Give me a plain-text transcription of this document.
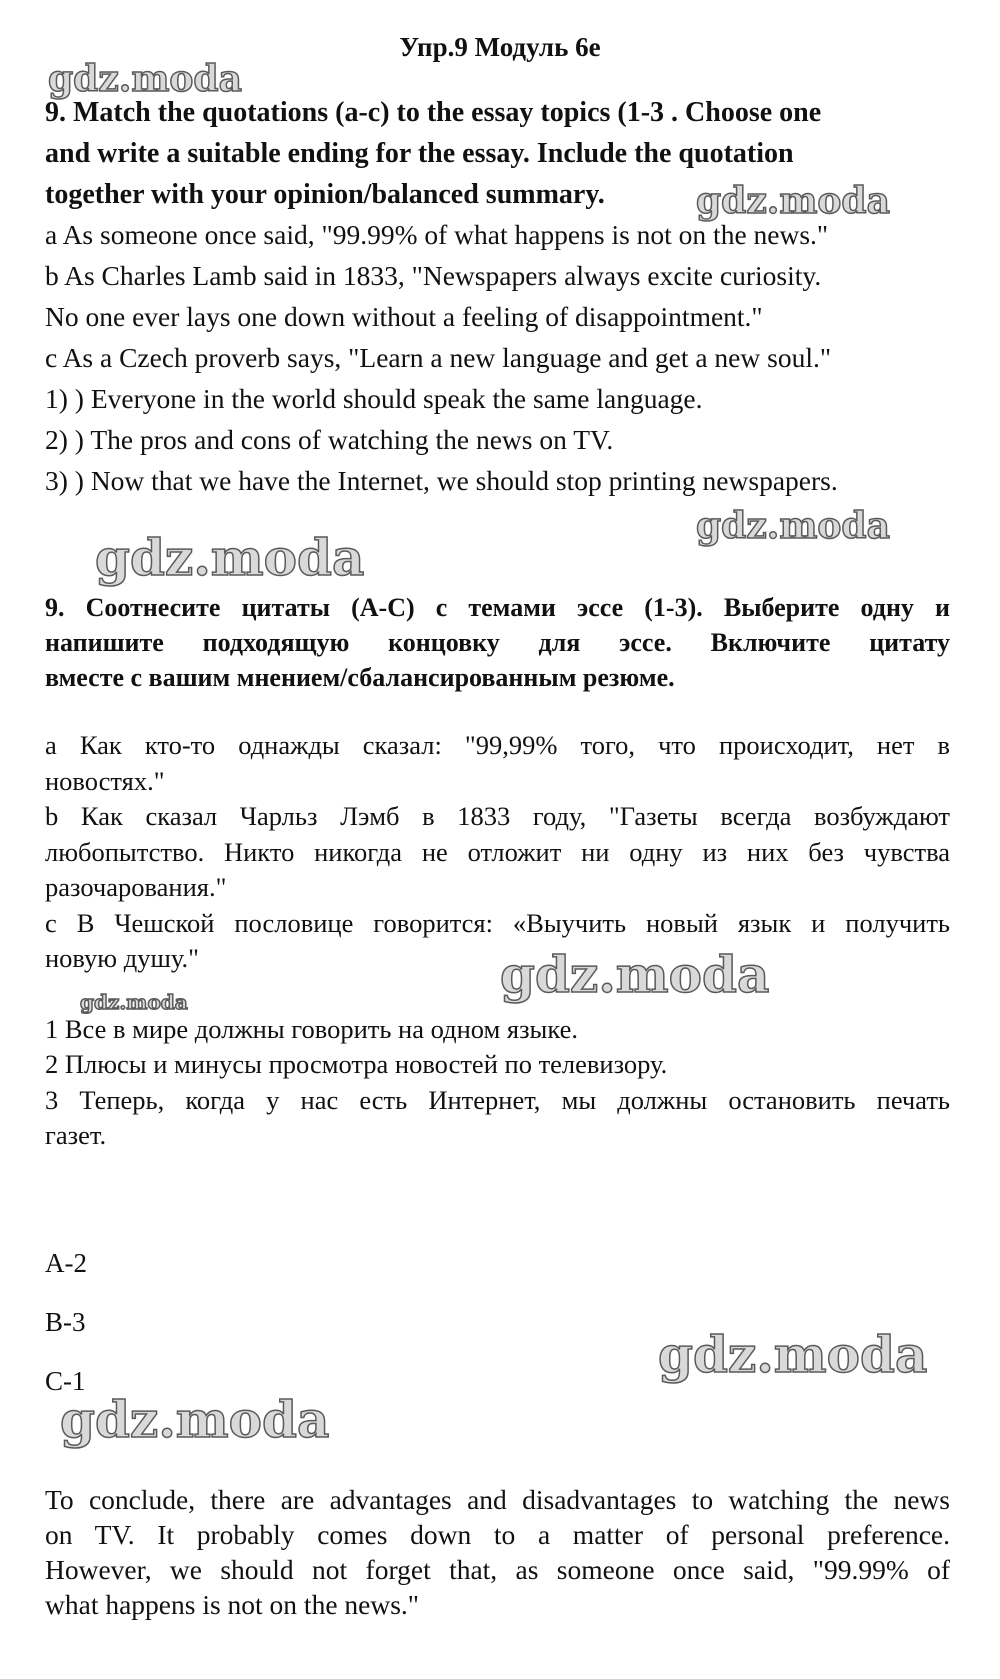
Упр.9 Модуль 6е
9. Match the quotations (a-c) to the essay topics (1-3 . Choose one
and write a suitable ending for the essay. Include the quotation
together with your opinion/balanced summary.
a As someone once said, "99.99% of what happens is not on the news."
b As Charles Lamb said in 1833, "Newspapers always excite curiosity.
No one ever lays one down without a feeling of disappointment."
c As a Czech proverb says, "Learn a new language and get a new soul."
1) ) Everyone in the world should speak the same language.
2) ) The pros and cons of watching the news on TV.
3) ) Now that we have the Internet, we should stop printing newspapers.
9. Соотнесите цитаты (A-C) с темами эссе (1-3). Выберите одну и
напишите подходящую концовку для эссе. Включите цитату
вместе с вашим мнением/сбалансированным резюме.
a Как кто-то однажды сказал: "99,99% того, что происходит, нет в
новостях."
b Как сказал Чарльз Лэмб в 1833 году, "Газеты всегда возбуждают
любопытство. Никто никогда не отложит ни одну из них без чувства
разочарования."
с В Чешской пословице говорится: «Выучить новый язык и получить
новую душу."
1 Все в мире должны говорить на одном языке.
2 Плюсы и минусы просмотра новостей по телевизору.
3 Теперь, когда у нас есть Интернет, мы должны остановить печать
газет.
A-2
B-3
C-1
To conclude, there are advantages and disadvantages to watching the news
on TV. It probably comes down to a matter of personal preference.
However, we should not forget that, as someone once said, "99.99% of
what happens is not on the news."
gdz.moda
gdz.moda
gdz.moda
gdz.moda
gdz.moda
gdz.moda
gdz.moda
gdz.moda
